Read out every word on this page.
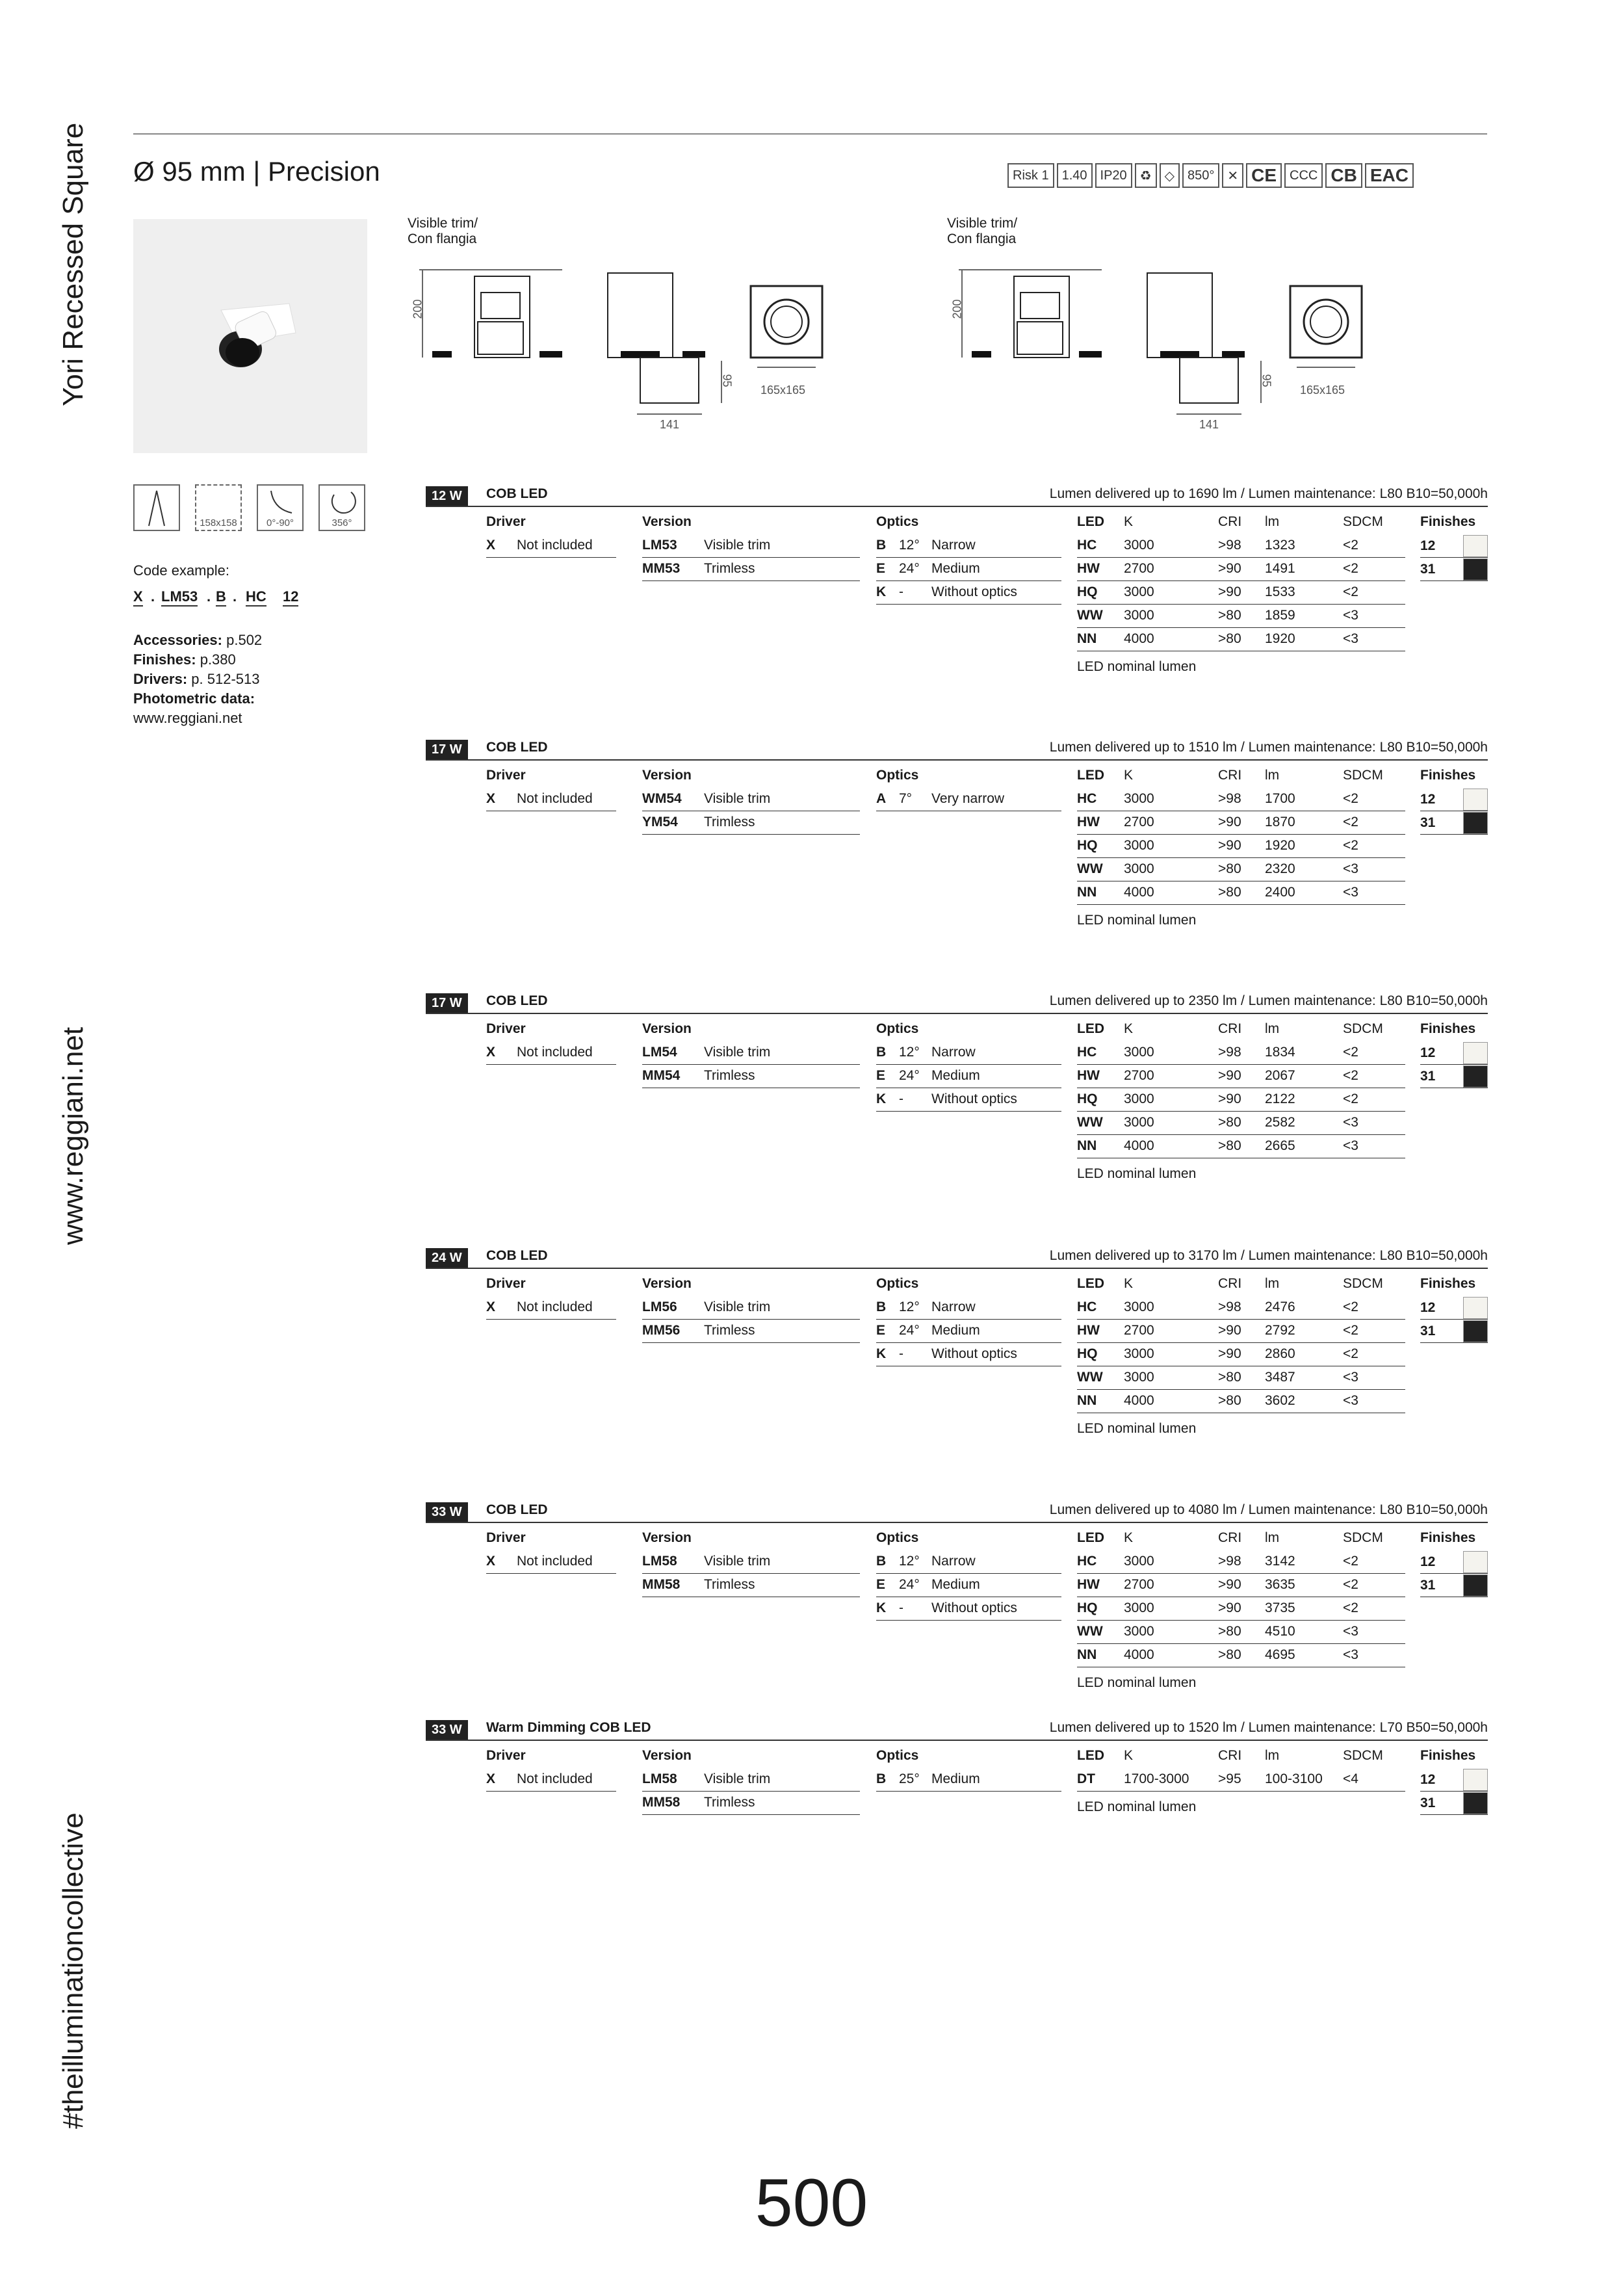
Yori Recessed Square
www.reggiani.net
#theilluminationcollective
Ø 95 mm | Precision	Risk 1	1.40	IP20	♻	◇	850°	✕ CE	CCC CB EAC
Visible trim/
Con flangia
Visible trim/
Con flangia
200
95
141
165x165
200
95
141
165x165
158x158	0°-90°	356°
Code example:
X . LM53 . B . HC 12
Accessories: p.502
Finishes: p.380
Drivers: p. 512-513
Photometric data:
www.reggiani.net
12 W	COB LED	Lumen delivered up to 1690 lm / Lumen maintenance: L80 B10=50,000h
Driver
X	Not included
Version
LM53	Visible trim
MM53	Trimless
Optics
B 12° Narrow
E 24° Medium
K -	Without optics
LED	K	CRI	lm	SDCM
HC	3000	>98	1323	<2
HW	2700	>90	1491	<2
HQ	3000	>90	1533	<2
WW	3000	>80	1859	<3
NN	4000	>80	1920	<3
LED nominal lumen
Finishes
12
31
17 W	COB LED	Lumen delivered up to 1510 lm / Lumen maintenance: L80 B10=50,000h
Driver
X	Not included
Version
WM54	Visible trim
YM54	Trimless
Optics
A 7°	Very narrow
LED	K	CRI	lm	SDCM
HC	3000	>98	1700	<2
HW	2700	>90	1870	<2
HQ	3000	>90	1920	<2
WW	3000	>80	2320	<3
NN	4000	>80	2400	<3
LED nominal lumen
Finishes
12
31
17 W	COB LED	Lumen delivered up to 2350 lm / Lumen maintenance: L80 B10=50,000h
Driver
X	Not included
Version
LM54	Visible trim
MM54	Trimless
Optics
B 12° Narrow
E 24° Medium
K -	Without optics
LED	K	CRI	lm	SDCM
HC	3000	>98	1834	<2
HW	2700	>90	2067	<2
HQ	3000	>90	2122	<2
WW	3000	>80	2582	<3
NN	4000	>80	2665	<3
LED nominal lumen
Finishes
12
31
24 W	COB LED	Lumen delivered up to 3170 lm / Lumen maintenance: L80 B10=50,000h
Driver
X	Not included
Version
LM56	Visible trim
MM56	Trimless
Optics
B 12° Narrow
E 24° Medium
K -	Without optics
LED	K	CRI	lm	SDCM
HC	3000	>98	2476	<2
HW	2700	>90	2792	<2
HQ	3000	>90	2860	<2
WW	3000	>80	3487	<3
NN	4000	>80	3602	<3
LED nominal lumen
Finishes
12
31
33 W	COB LED	Lumen delivered up to 4080 lm / Lumen maintenance: L80 B10=50,000h
Driver
X	Not included
Version
LM58	Visible trim
MM58	Trimless
Optics
B 12° Narrow
E 24° Medium
K -	Without optics
LED	K	CRI	lm	SDCM
HC	3000	>98	3142	<2
HW	2700	>90	3635	<2
HQ	3000	>90	3735	<2
WW	3000	>80	4510	<3
NN	4000	>80	4695	<3
LED nominal lumen
Finishes
12
31
33 W	Warm Dimming COB LED	Lumen delivered up to 1520 lm / Lumen maintenance: L70 B50=50,000h
Driver
X	Not included
Version
LM58	Visible trim
MM58	Trimless
Optics
B 25° Medium
LED	K	CRI	lm	SDCM
DT	1700-3000	>95	100-3100	<4
LED nominal lumen
Finishes
12
31
500
